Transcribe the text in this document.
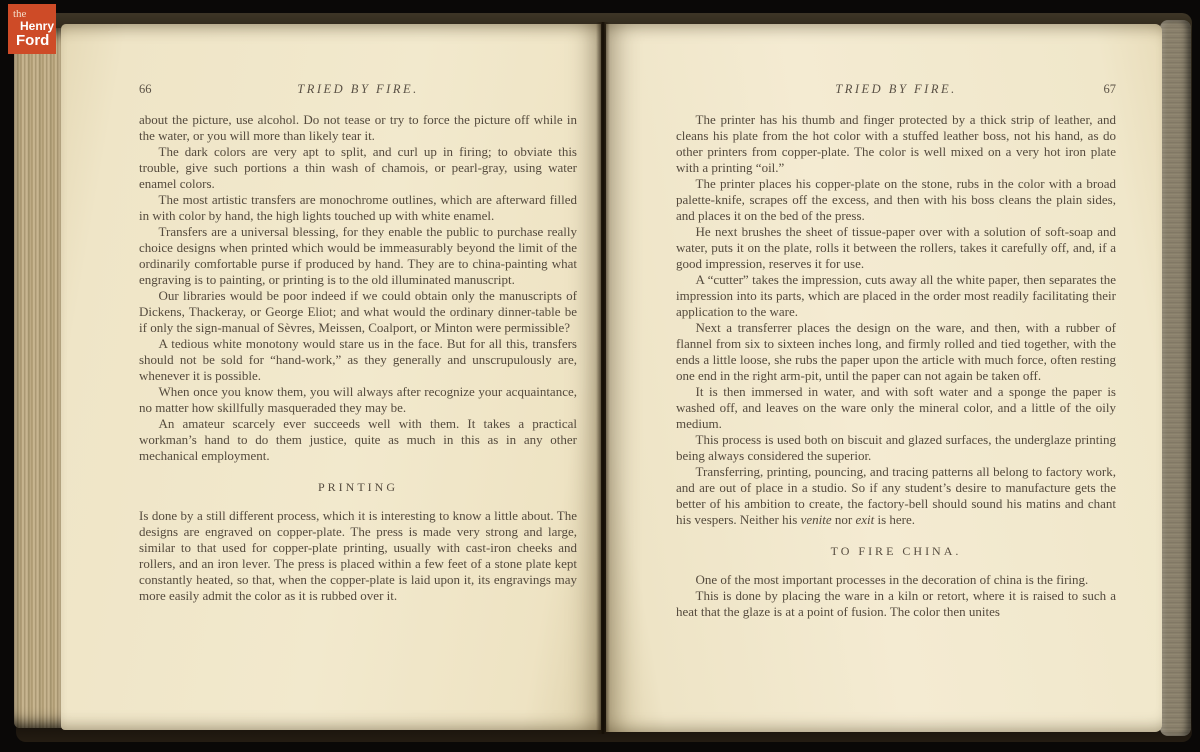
66	TRIED BY FIRE.

about the picture, use alcohol. Do not tease or try to force the picture off while in the water, or you will more than likely tear it.

The dark colors are very apt to split, and curl up in firing; to obviate this trouble, give such portions a thin wash of chamois, or pearl-gray, using water enamel colors.

The most artistic transfers are monochrome outlines, which are afterward filled in with color by hand, the high lights touched up with white enamel.

Transfers are a universal blessing, for they enable the public to purchase really choice designs when printed which would be immeasurably beyond the limit of the ordinarily comfortable purse if produced by hand. They are to china-painting what engraving is to painting, or printing is to the old illuminated manuscript.

Our libraries would be poor indeed if we could obtain only the manuscripts of Dickens, Thackeray, or George Eliot; and what would the ordinary dinner-table be if only the sign-manual of Sèvres, Meissen, Coalport, or Minton were permissible?

A tedious white monotony would stare us in the face. But for all this, transfers should not be sold for “hand-work,” as they generally and unscrupulously are, whenever it is possible.

When once you know them, you will always after recognize your acquaintance, no matter how skillfully masqueraded they may be.

An amateur scarcely ever succeeds well with them. It takes a practical workman’s hand to do them justice, quite as much in this as in any other mechanical employment.

PRINTING

Is done by a still different process, which it is interesting to know a little about. The designs are engraved on copper-plate. The press is made very strong and large, similar to that used for copper-plate printing, usually with cast-iron cheeks and rollers, and an iron lever. The press is placed within a few feet of a stone plate kept constantly heated, so that, when the copper-plate is laid upon it, its engravings may more easily admit the color as it is rubbed over it.

TRIED BY FIRE.	67

The printer has his thumb and finger protected by a thick strip of leather, and cleans his plate from the hot color with a stuffed leather boss, not his hand, as do other printers from copper-plate. The color is well mixed on a very hot iron plate with a printing “oil.”

The printer places his copper-plate on the stone, rubs in the color with a broad palette-knife, scrapes off the excess, and then with his boss cleans the plain sides, and places it on the bed of the press.

He next brushes the sheet of tissue-paper over with a solution of soft-soap and water, puts it on the plate, rolls it between the rollers, takes it carefully off, and, if a good impression, reserves it for use.

A “cutter” takes the impression, cuts away all the white paper, then separates the impression into its parts, which are placed in the order most readily facilitating their application to the ware.

Next a transferrer places the design on the ware, and then, with a rubber of flannel from six to sixteen inches long, and firmly rolled and tied together, with the ends a little loose, she rubs the paper upon the article with much force, often resting one end in the right arm-pit, until the paper can not again be taken off.

It is then immersed in water, and with soft water and a sponge the paper is washed off, and leaves on the ware only the mineral color, and a little of the oily medium.

This process is used both on biscuit and glazed surfaces, the underglaze printing being always considered the superior.

Transferring, printing, pouncing, and tracing patterns all belong to factory work, and are out of place in a studio. So if any student’s desire to manufacture gets the better of his ambition to create, the factory-bell should sound his matins and chant his vespers. Neither his venite nor exit is here.

TO FIRE CHINA.

One of the most important processes in the decoration of china is the firing.

This is done by placing the ware in a kiln or retort, where it is raised to such a heat that the glaze is at a point of fusion. The color then unites

the
Henry
Ford
